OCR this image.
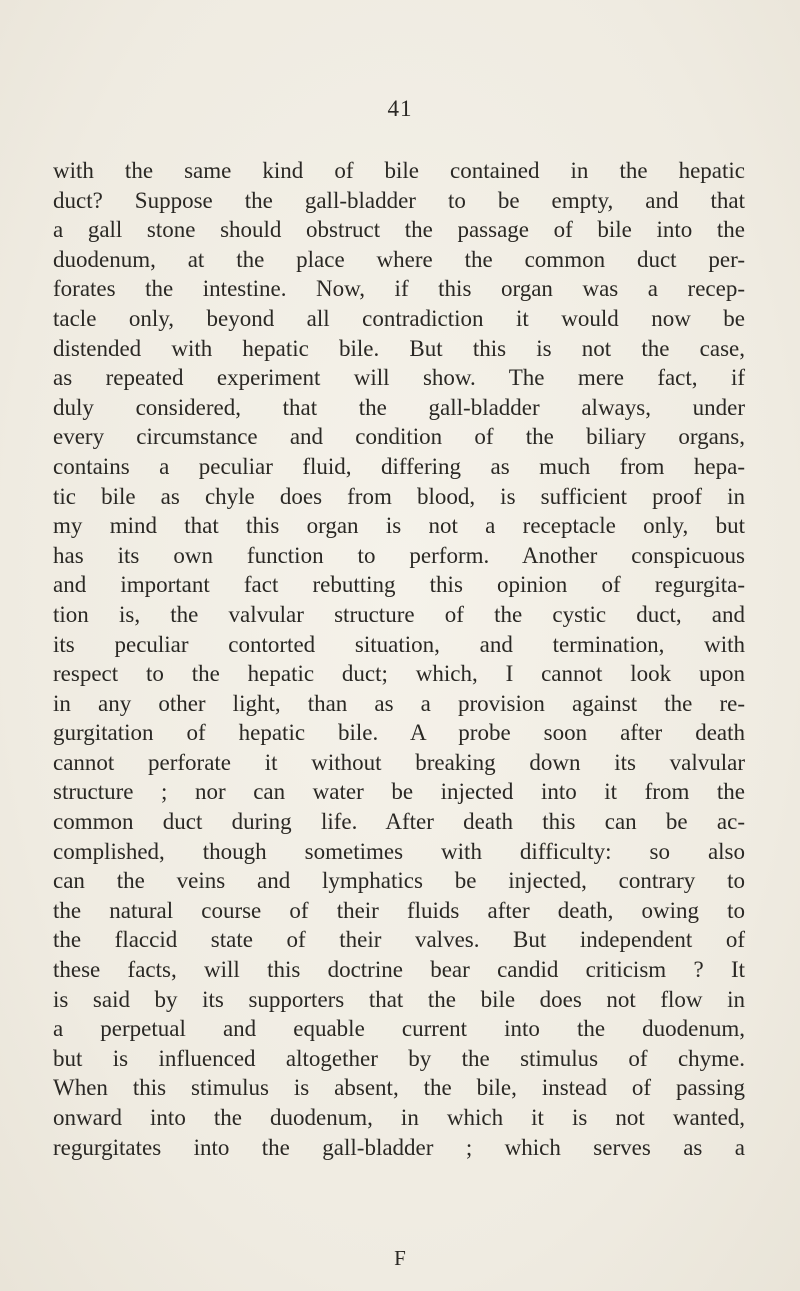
41
with the same kind of bile contained in the hepatic
duct? Suppose the gall-bladder to be empty, and that
a gall stone should obstruct the passage of bile into the
duodenum, at the place where the common duct per-
forates the intestine. Now, if this organ was a recep-
tacle only, beyond all contradiction it would now be
distended with hepatic bile. But this is not the case,
as repeated experiment will show. The mere fact, if
duly considered, that the gall-bladder always, under
every circumstance and condition of the biliary organs,
contains a peculiar fluid, differing as much from hepa-
tic bile as chyle does from blood, is sufficient proof in
my mind that this organ is not a receptacle only, but
has its own function to perform. Another conspicuous
and important fact rebutting this opinion of regurgita-
tion is, the valvular structure of the cystic duct, and
its peculiar contorted situation, and termination, with
respect to the hepatic duct; which, I cannot look upon
in any other light, than as a provision against the re-
gurgitation of hepatic bile. A probe soon after death
cannot perforate it without breaking down its valvular
structure ; nor can water be injected into it from the
common duct during life. After death this can be ac-
complished, though sometimes with difficulty: so also
can the veins and lymphatics be injected, contrary to
the natural course of their fluids after death, owing to
the flaccid state of their valves. But independent of
these facts, will this doctrine bear candid criticism ? It
is said by its supporters that the bile does not flow in
a perpetual and equable current into the duodenum,
but is influenced altogether by the stimulus of chyme.
When this stimulus is absent, the bile, instead of passing
onward into the duodenum, in which it is not wanted,
regurgitates into the gall-bladder ; which serves as a
F
